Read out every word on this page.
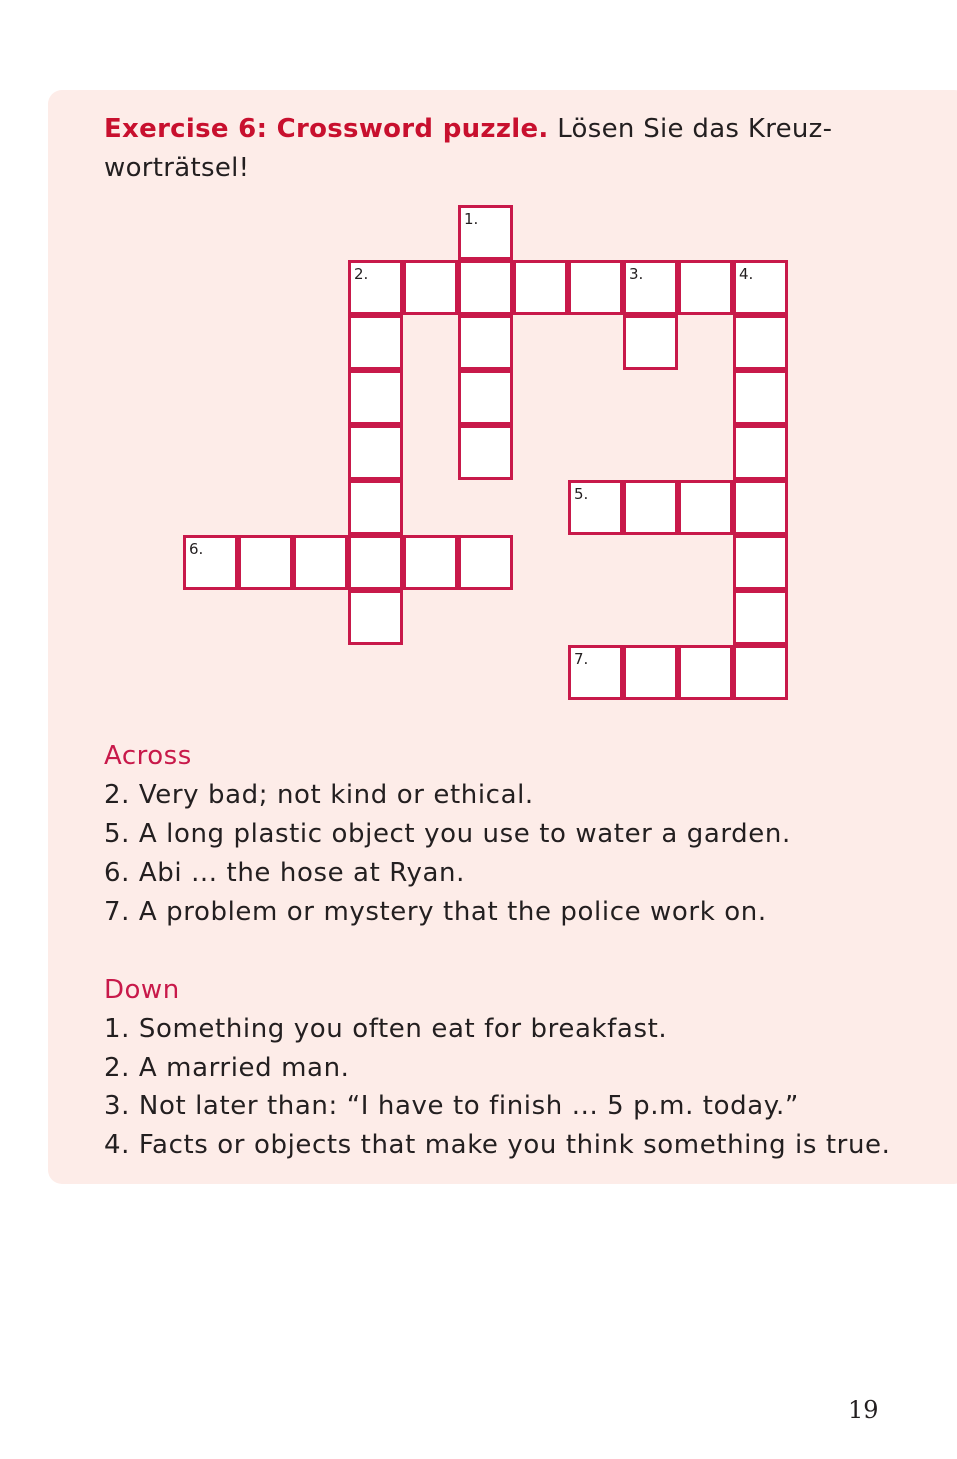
Exercise 6: Crossword puzzle. Lösen Sie das Kreuz-worträtsel!
1.
2.	3.	4.
5.
6.
7.
Across
2. Very bad; not kind or ethical.
5. A long plastic object you use to water a garden.
6. Abi ... the hose at Ryan.
7. A problem or mystery that the police work on.
Down
1. Something you often eat for breakfast.
2. A married man.
3. Not later than: “I have to finish ... 5 p.m. today.”
4. Facts or objects that make you think something is true.
19
